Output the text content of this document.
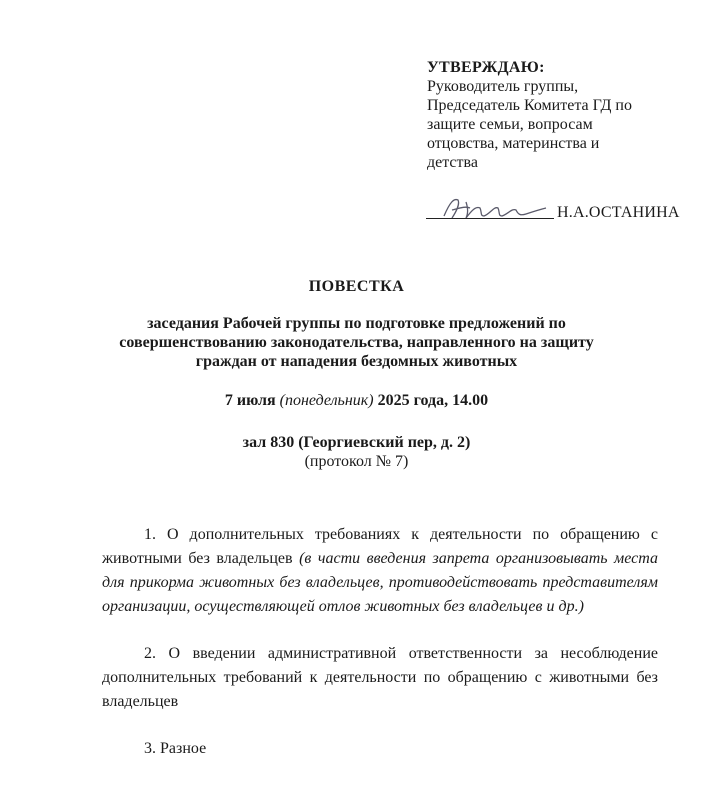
УТВЕРЖДАЮ:
Руководитель группы,
Председатель Комитета ГД по
защите семьи, вопросам
отцовства, материнства и
детства
Н.А.ОСТАНИНА
ПОВЕСТКА
заседания Рабочей группы по подготовке предложений по
совершенствованию законодательства, направленного на защиту
граждан от нападения бездомных животных
7 июля (понедельник) 2025 года, 14.00
зал 830 (Георгиевский пер, д. 2)
(протокол № 7)

1. О дополнительных требованиях к деятельности по обращению с животными без владельцев (в части введения запрета организовывать места для прикорма животных без владельцев, противодействовать представителям организации, осуществляющей отлов животных без владельцев и др.)

2. О введении административной ответственности за несоблюдение дополнительных требований к деятельности по обращению с животными без владельцев

3. Разное
